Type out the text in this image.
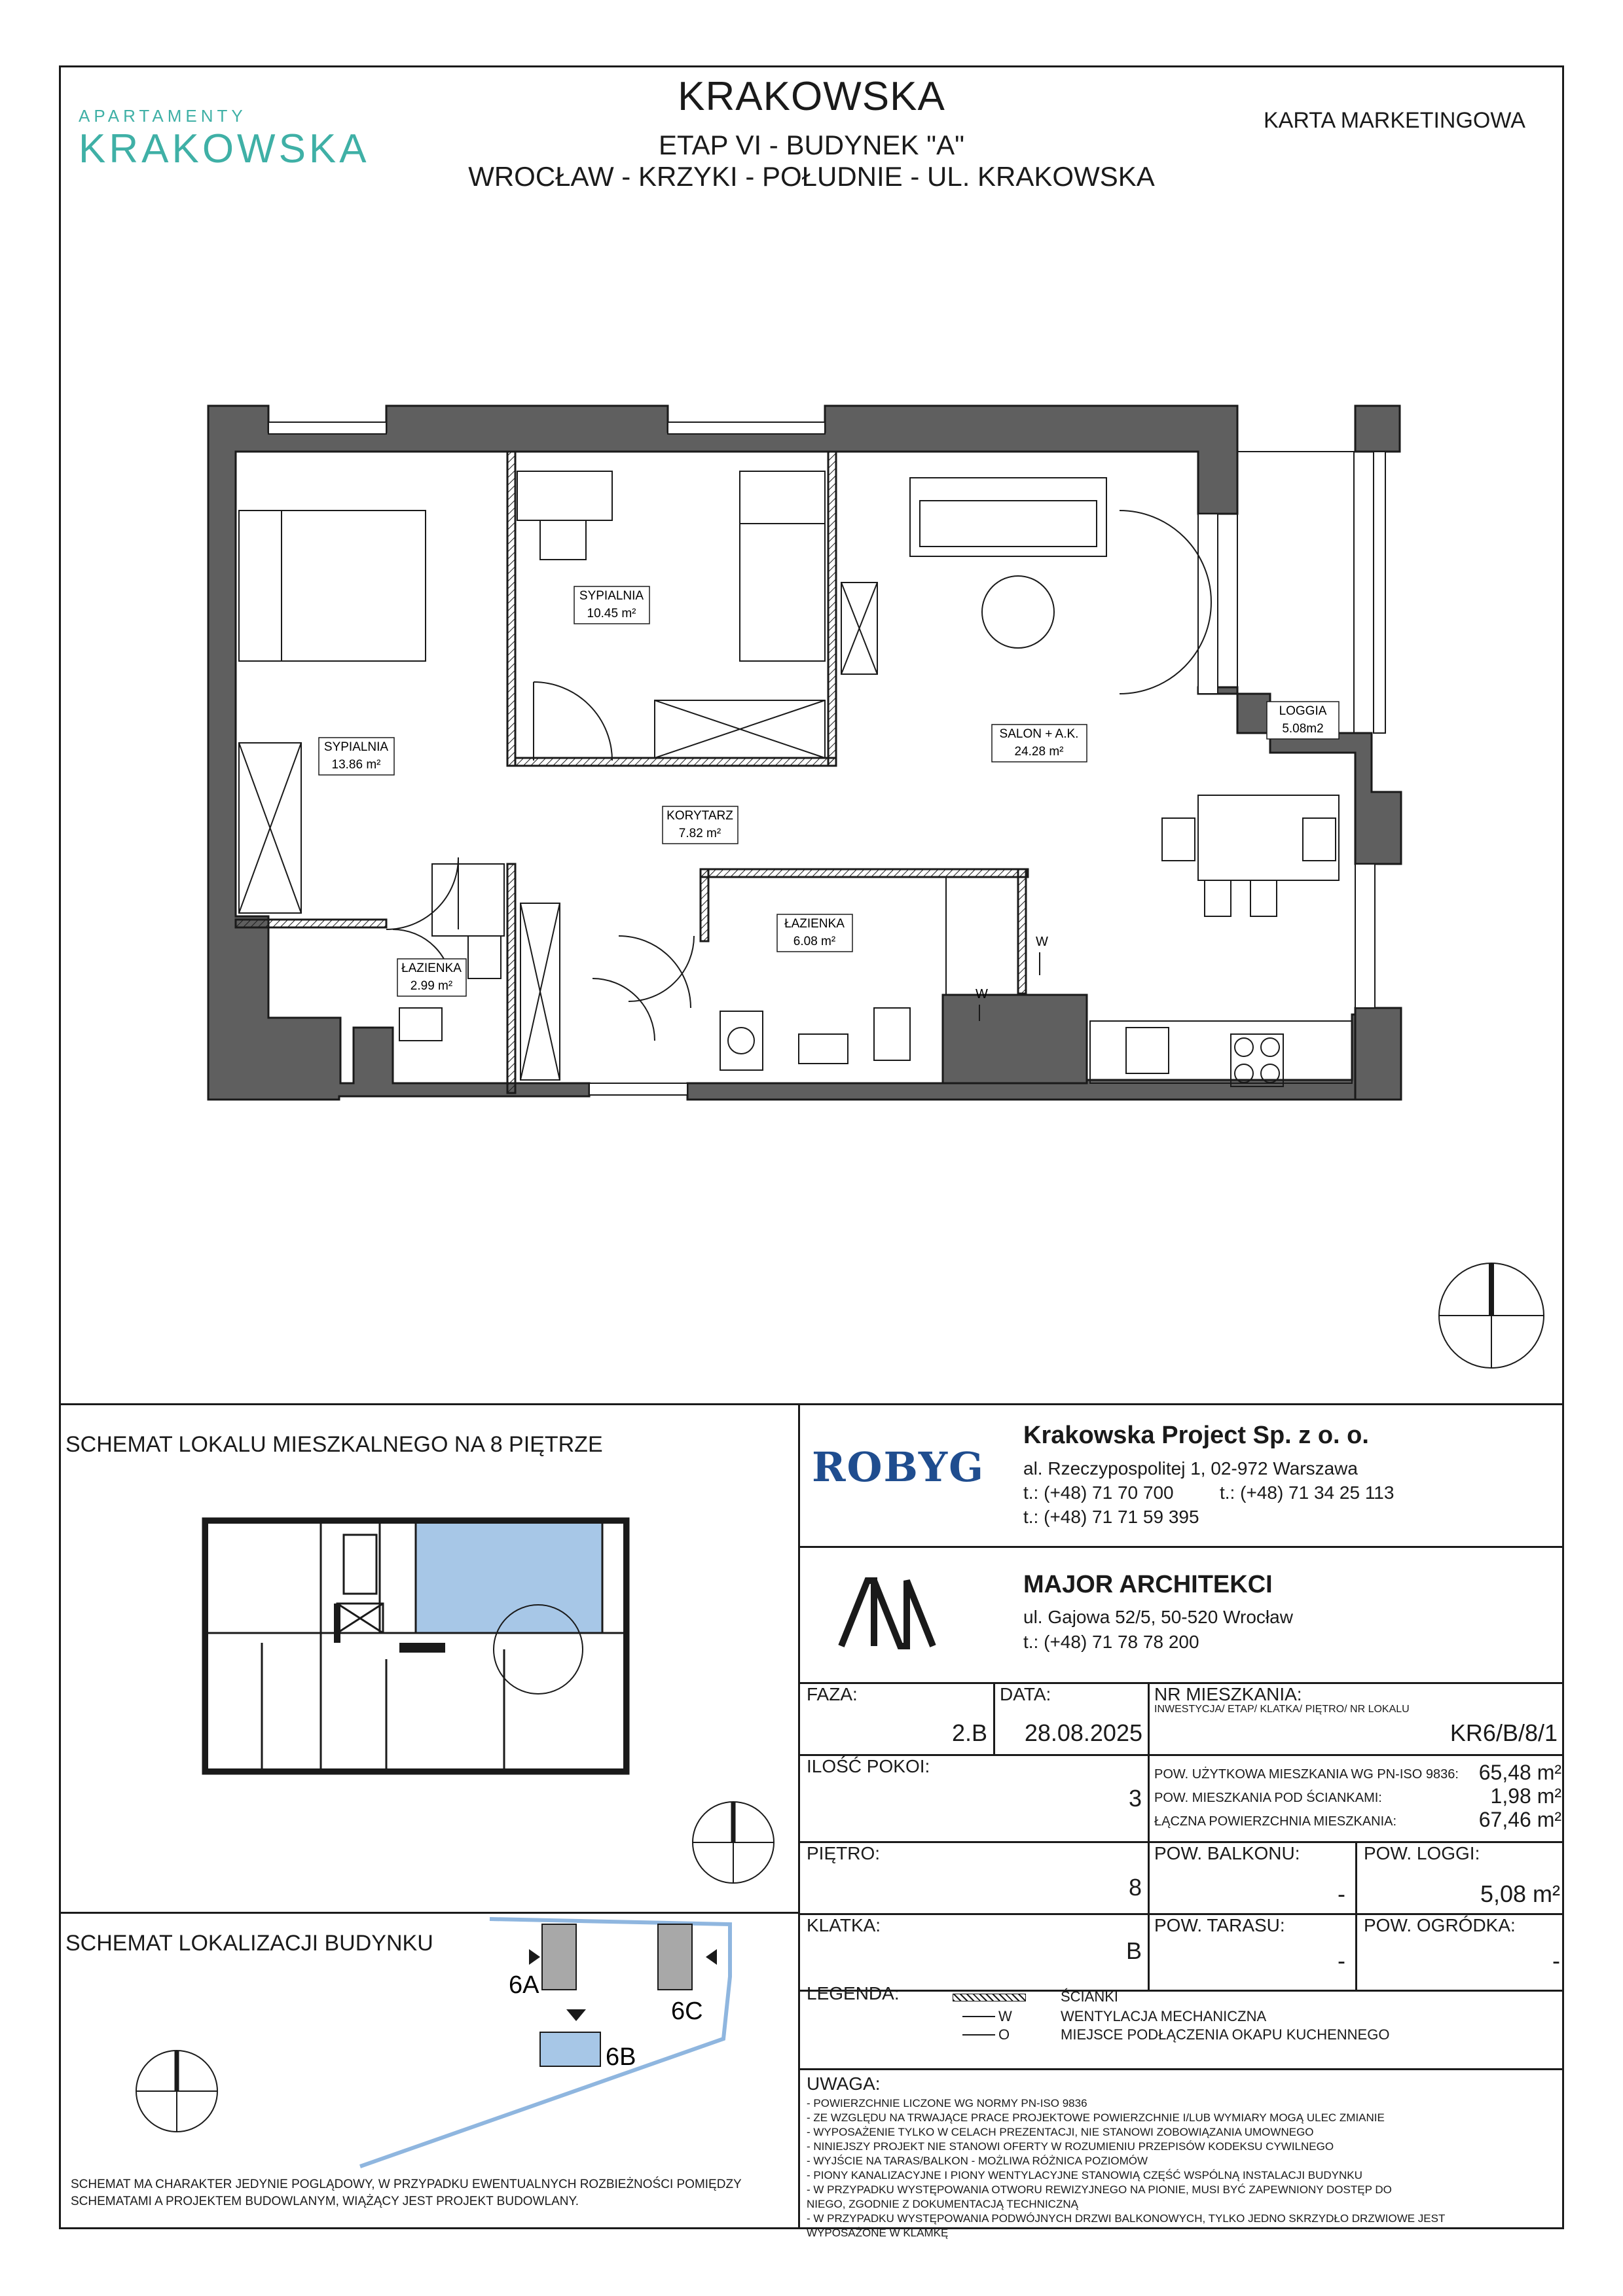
APARTAMENTY
KRAKOWSKA
KRAKOWSKA
ETAP VI - BUDYNEK "A"
WROCŁAW - KRZYKI - POŁUDNIE - UL. KRAKOWSKA
KARTA MARKETINGOWA
SYPIALNIA
13.86 m²
SYPIALNIA
10.45 m²
SALON + A.K.
24.28 m²
LOGGIA
5.08m2
KORYTARZ
7.82 m²
ŁAZIENKA
6.08 m²
ŁAZIENKA
2.99 m²
W
W
SCHEMAT LOKALU MIESZKALNEGO NA 8 PIĘTRZE
SCHEMAT LOKALIZACJI BUDYNKU
6A
6B
6C
SCHEMAT MA CHARAKTER JEDYNIE POGLĄDOWY, W PRZYPADKU EWENTUALNYCH ROZBIEŻNOŚCI POMIĘDZY SCHEMATAMI A PROJEKTEM BUDOWLANYM, WIĄŻĄCY JEST PROJEKT BUDOWLANY.
ROBYG
Krakowska Project Sp. z o. o.
al. Rzeczypospolitej 1, 02-972 Warszawa
t.: (+48) 71 70 700	t.: (+48) 71 34 25 113
t.: (+48) 71 71 59 395
MAJOR ARCHITEKCI
ul. Gajowa 52/5, 50-520 Wrocław
t.: (+48) 71 78 78 200
FAZA:
2.B
DATA:
28.08.2025
NR MIESZKANIA:
INWESTYCJA/ ETAP/ KLATKA/ PIĘTRO/ NR LOKALU
KR6/B/8/1
ILOŚĆ POKOI:
3
POW. UŻYTKOWA MIESZKANIA WG PN-ISO 9836: 65,48 m²
POW. MIESZKANIA POD ŚCIANKAMI:	1,98 m²
ŁĄCZNA POWIERZCHNIA MIESZKANIA:	67,46 m²
PIĘTRO:
8
POW. BALKONU:
-
POW. LOGGI:
5,08 m²
KLATKA:
B
POW. TARASU:
-
POW. OGRÓDKA:
-
LEGENDA:	ŚCIANKI
W	WENTYLACJA MECHANICZNA
O	MIEJSCE PODŁĄCZENIA OKAPU KUCHENNEGO
UWAGA:
- POWIERZCHNIE LICZONE WG NORMY PN-ISO 9836
- ZE WZGLĘDU NA TRWAJĄCE PRACE PROJEKTOWE POWIERZCHNIE I/LUB WYMIARY MOGĄ ULEC ZMIANIE
- WYPOSAŻENIE TYLKO W CELACH PREZENTACJI, NIE STANOWI ZOBOWIĄZANIA UMOWNEGO
- NINIEJSZY PROJEKT NIE STANOWI OFERTY W ROZUMIENIU PRZEPISÓW KODEKSU CYWILNEGO
- WYJŚCIE NA TARAS/BALKON - MOŻLIWA RÓŻNICA POZIOMÓW
- PIONY KANALIZACYJNE I PIONY WENTYLACYJNE STANOWIĄ CZĘŚĆ WSPÓLNĄ INSTALACJI BUDYNKU
- W PRZYPADKU WYSTĘPOWANIA OTWORU REWIZYJNEGO NA PIONIE, MUSI BYĆ ZAPEWNIONY DOSTĘP DO
NIEGO, ZGODNIE Z DOKUMENTACJĄ TECHNICZNĄ
- W PRZYPADKU WYSTĘPOWANIA PODWÓJNYCH DRZWI BALKONOWYCH, TYLKO JEDNO SKRZYDŁO DRZWIOWE JEST
WYPOSAŻONE W KLAMKĘ
